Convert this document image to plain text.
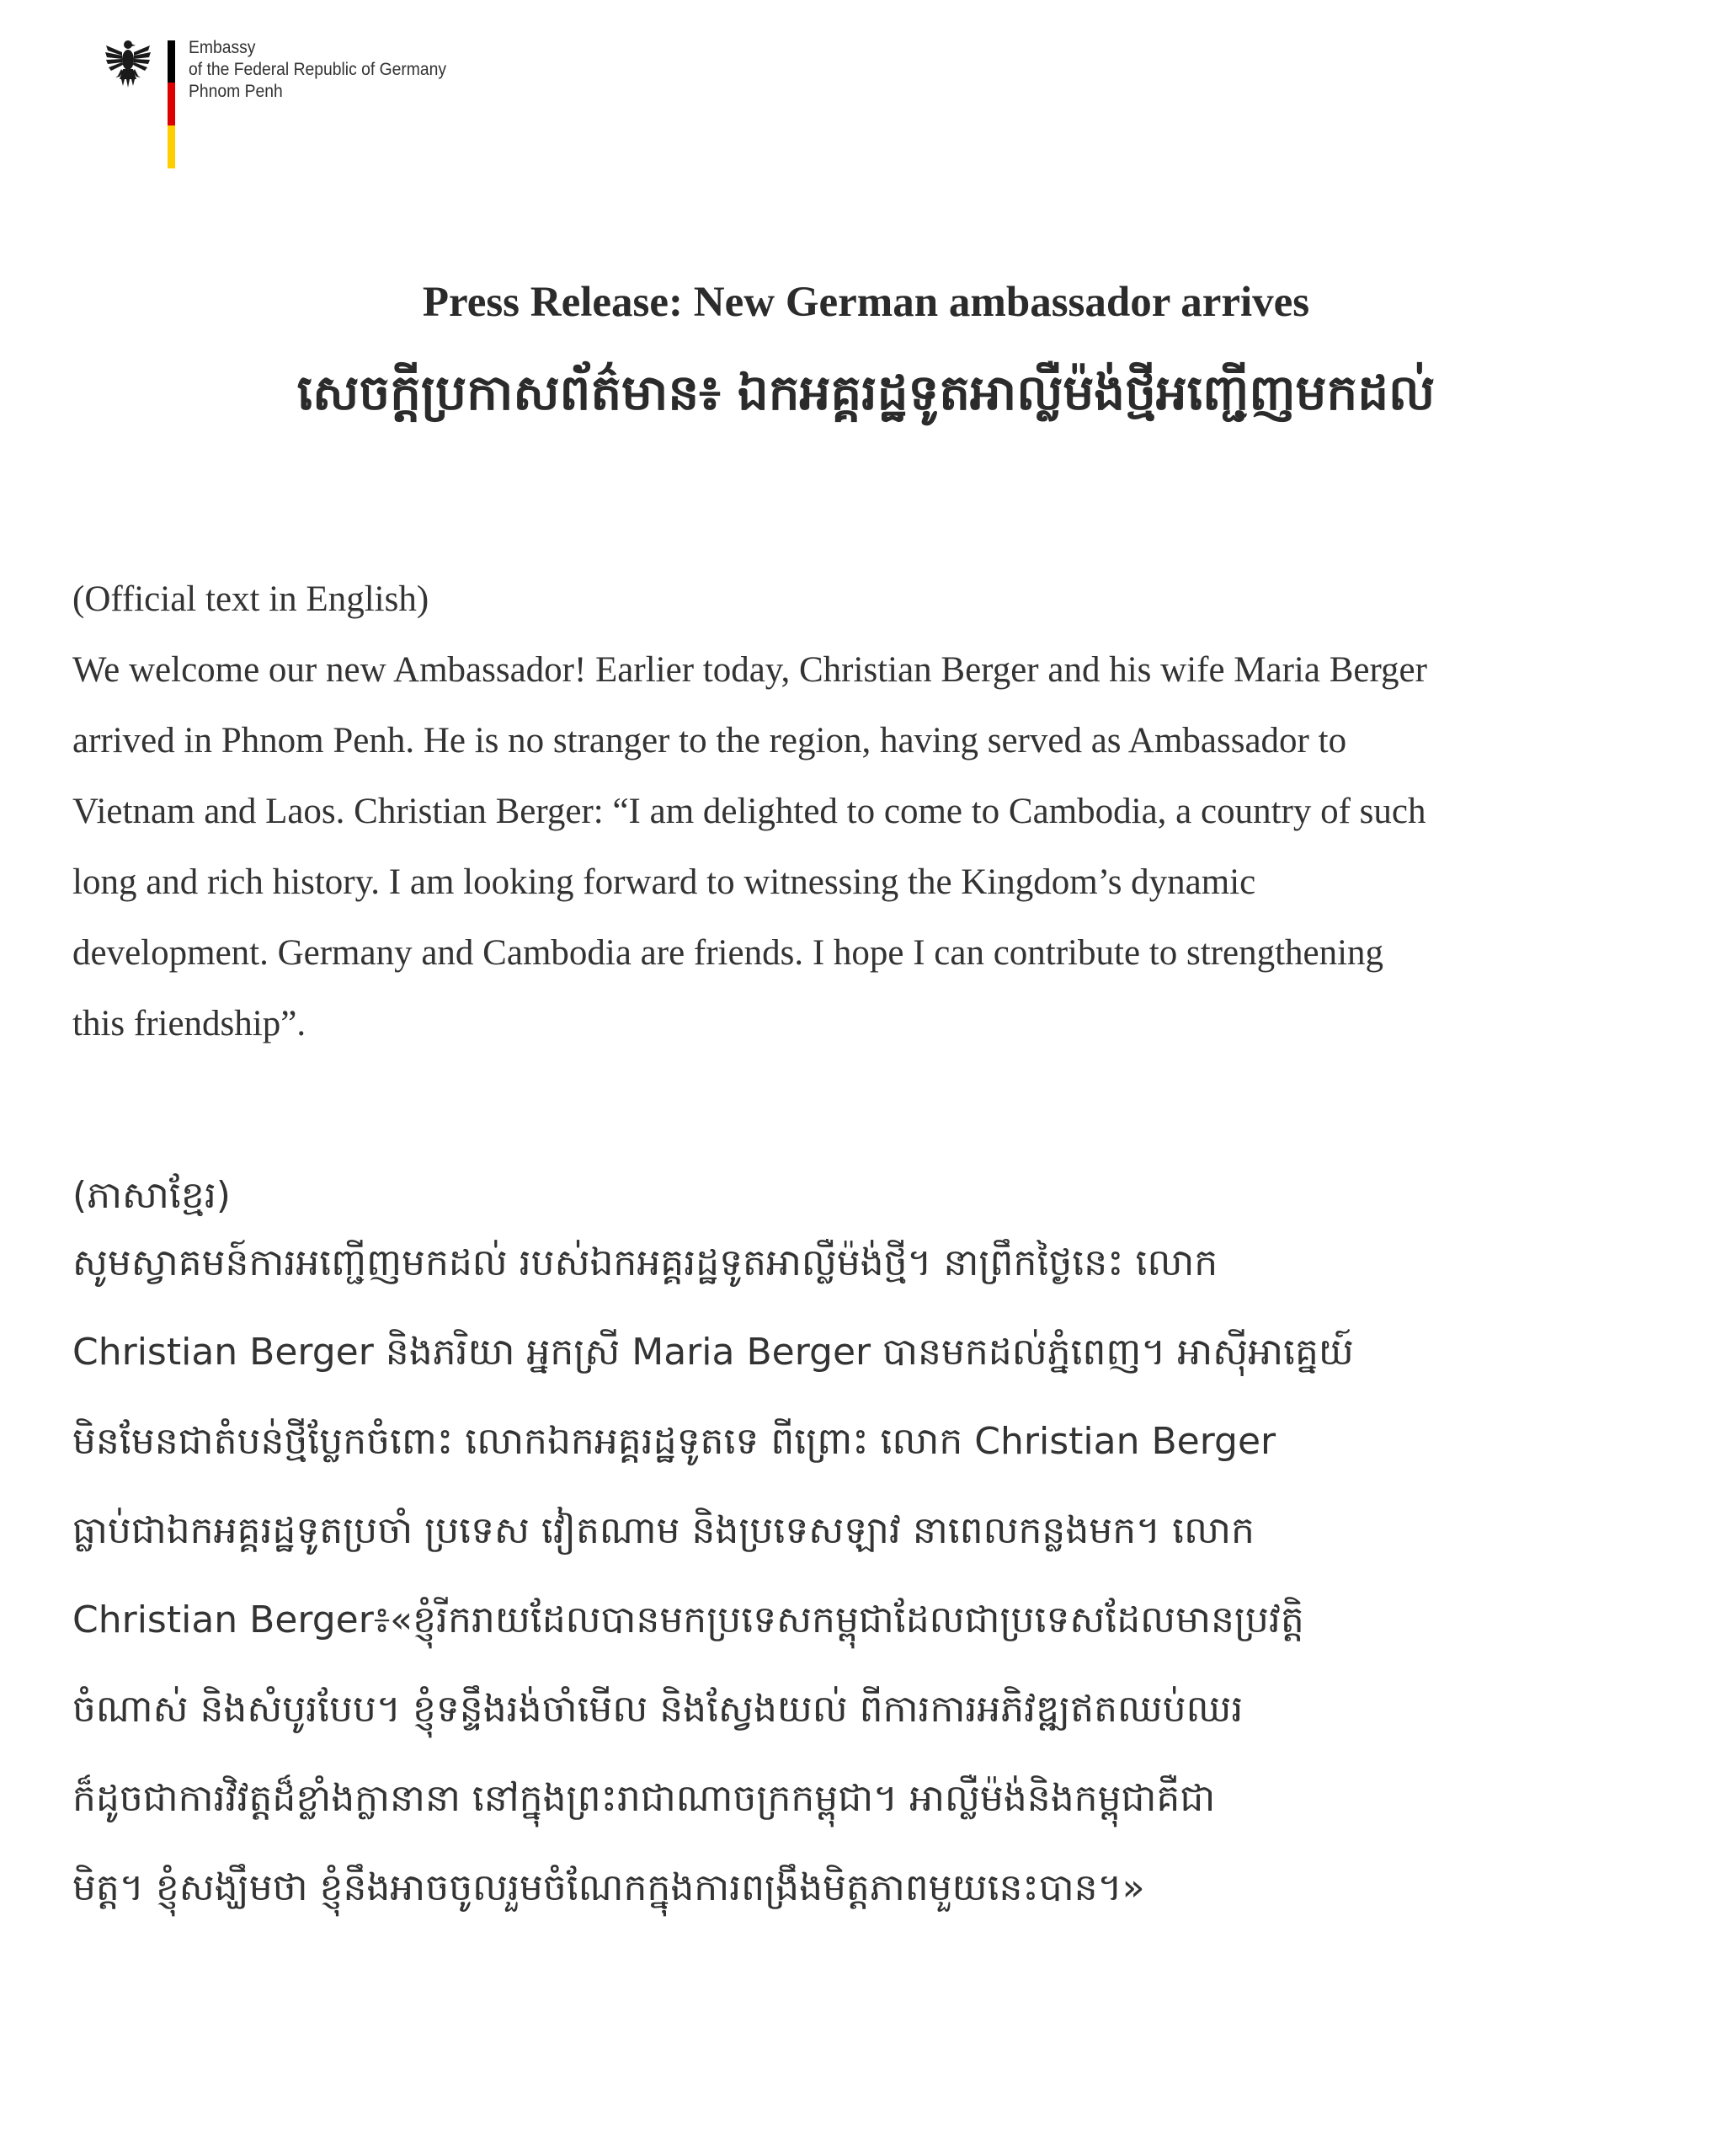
Embassy
of the Federal Republic of Germany
Phnom Penh
Press Release: New German ambassador arrives
សេចក្តីប្រកាសព័ត៌មាន៖ ឯកអគ្គរដ្ឋទូតអាល្លឺម៉ង់ថ្មីអញ្ជើញមកដល់
(Official text in English)
We welcome our new Ambassador! Earlier today, Christian Berger and his wife Maria Berger
arrived in Phnom Penh. He is no stranger to the region, having served as Ambassador to
Vietnam and Laos. Christian Berger: “I am delighted to come to Cambodia, a country of such
long and rich history. I am looking forward to witnessing the Kingdom’s dynamic
development. Germany and Cambodia are friends. I hope I can contribute to strengthening
this friendship”.
(ភាសាខ្មែរ)
សូមស្វាគមន៍ការអញ្ជើញមកដល់ របស់ឯកអគ្គរដ្ឋទូតអាល្លឺម៉ង់ថ្មី។ នាព្រឹកថ្ងៃនេះ លោក
Christian Berger និងភរិយា អ្នកស្រី Maria Berger បានមកដល់ភ្នំពេញ។ អាស៊ីអាគ្នេយ៍
មិនមែនជាតំបន់ថ្មីប្លែកចំពោះ លោកឯកអគ្គរដ្ឋទូតទេ ពីព្រោះ លោក Christian Berger
ធ្លាប់ជាឯកអគ្គរដ្ឋទូតប្រចាំ ប្រទេស វៀតណាម និងប្រទេសឡាវ នាពេលកន្លងមក។ លោក
Christian Berger៖«ខ្ញុំរីករាយដែលបានមកប្រទេសកម្ពុជាដែលជាប្រទេសដែលមានប្រវត្តិ
ចំណាស់ និងសំបូរបែប។ ខ្ញុំទន្ទឹងរង់ចាំមើល និងស្វែងយល់ ពីការការអភិវឌ្ឍឥតឈប់ឈរ
ក៏ដូចជាការវិវត្តដ៏ខ្លាំងក្លានានា នៅក្នុងព្រះរាជាណាចក្រកម្ពុជា។ អាល្លឺម៉ង់និងកម្ពុជាគឺជា
មិត្ត។ ខ្ញុំសង្ឃឹមថា ខ្ញុំនឹងអាចចូលរួមចំណែកក្នុងការពង្រឹងមិត្តភាពមួយនេះបាន។»
